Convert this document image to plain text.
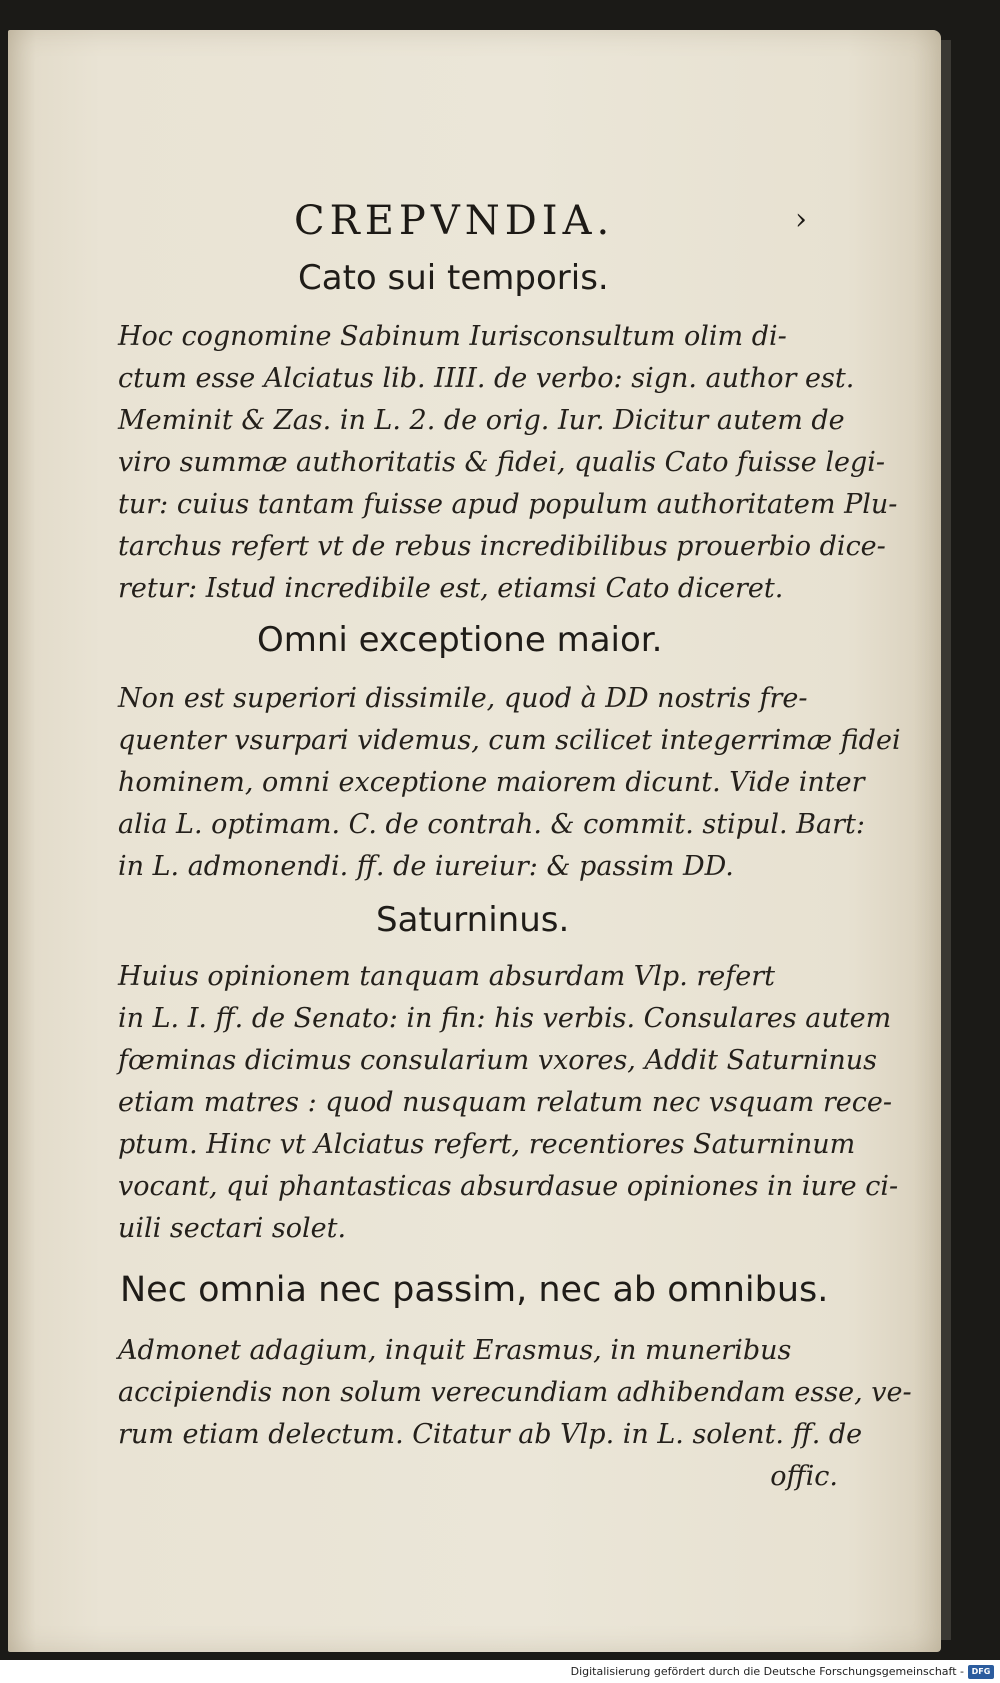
CREPVNDIA.	›
Cato sui temporis.
Hoc cognomine Sabinum Iurisconsultum olim di-
ctum esse Alciatus lib. IIII. de verbo: sign. author est.
Meminit & Zas. in L. 2. de orig. Iur. Dicitur autem de
viro summæ authoritatis & fidei, qualis Cato fuisse legi-
tur: cuius tantam fuisse apud populum authoritatem Plu-
tarchus refert vt de rebus incredibilibus prouerbio dice-
retur: Istud incredibile est, etiamsi Cato diceret.
Omni exceptione maior.
Non est superiori dissimile, quod à DD nostris fre-
quenter vsurpari videmus, cum scilicet integerrimæ fidei
hominem, omni exceptione maiorem dicunt. Vide inter
alia L. optimam. C. de contrah. & commit. stipul. Bart:
in L. admonendi. ff. de iureiur: & passim DD.
Saturninus.
Huius opinionem tanquam absurdam Vlp. refert
in L. I. ff. de Senato: in fin: his verbis. Consulares autem
fœminas dicimus consularium vxores, Addit Saturninus
etiam matres : quod nusquam relatum nec vsquam rece-
ptum. Hinc vt Alciatus refert, recentiores Saturninum
vocant, qui phantasticas absurdasue opiniones in iure ci-
uili sectari solet.
Nec omnia nec passim, nec ab omnibus.
Admonet adagium, inquit Erasmus, in muneribus
accipiendis non solum verecundiam adhibendam esse, ve-
rum etiam delectum. Citatur ab Vlp. in L. solent. ff. de
offic.
Digitalisierung gefördert durch die Deutsche Forschungsgemeinschaft - DFG
